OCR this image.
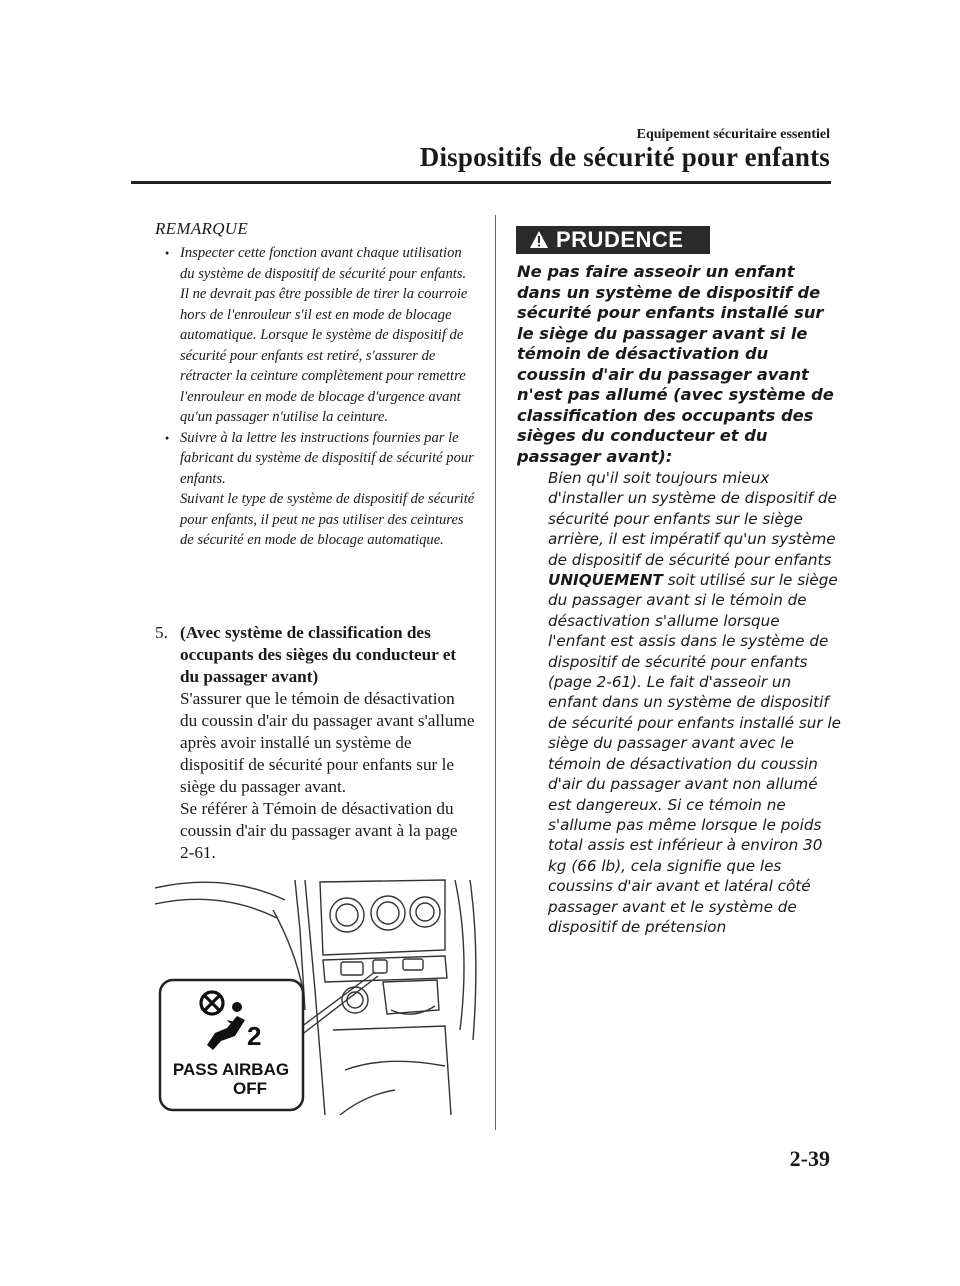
Equipement sécuritaire essentiel
Dispositifs de sécurité pour enfants
REMARQUE
● Inspecter cette fonction avant chaque utilisation du système de dispositif de sécurité pour enfants. Il ne devrait pas être possible de tirer la courroie hors de l'enrouleur s'il est en mode de blocage automatique. Lorsque le système de dispositif de sécurité pour enfants est retiré, s'assurer de rétracter la ceinture complètement pour remettre l'enrouleur en mode de blocage d'urgence avant qu'un passager n'utilise la ceinture.
● Suivre à la lettre les instructions fournies par le fabricant du système de dispositif de sécurité pour enfants.
Suivant le type de système de dispositif de sécurité pour enfants, il peut ne pas utiliser des ceintures de sécurité en mode de blocage automatique.
5. (Avec système de classification des occupants des sièges du conducteur et du passager avant)
S'assurer que le témoin de désactivation du coussin d'air du passager avant s'allume après avoir installé un système de dispositif de sécurité pour enfants sur le siège du passager avant.
Se référer à Témoin de désactivation du coussin d'air du passager avant à la page 2-61.
2
PASS AIRBAG
OFF
PRUDENCE

Ne pas faire asseoir un enfant dans un système de dispositif de sécurité pour enfants installé sur le siège du passager avant si le témoin de désactivation du coussin d'air du passager avant n'est pas allumé (avec système de classification des occupants des sièges du conducteur et du passager avant):

Bien qu'il soit toujours mieux d'installer un système de dispositif de sécurité pour enfants sur le siège arrière, il est impératif qu'un système de dispositif de sécurité pour enfants UNIQUEMENT soit utilisé sur le siège du passager avant si le témoin de désactivation s'allume lorsque l'enfant est assis dans le système de dispositif de sécurité pour enfants (page 2-61). Le fait d'asseoir un enfant dans un système de dispositif de sécurité pour enfants installé sur le siège du passager avant avec le témoin de désactivation du coussin d'air du passager avant non allumé est dangereux. Si ce témoin ne s'allume pas même lorsque le poids total assis est inférieur à environ 30 kg (66 lb), cela signifie que les coussins d'air avant et latéral côté passager avant et le système de dispositif de prétension

2-39
